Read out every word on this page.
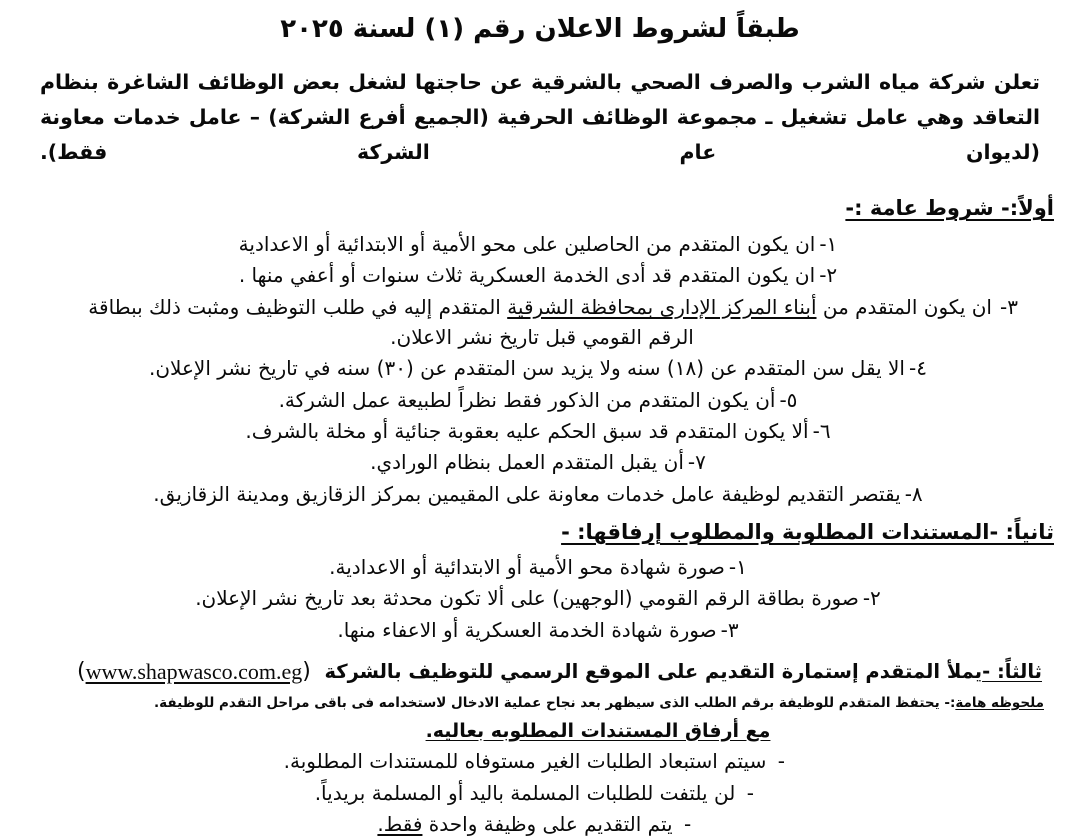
طبقاً لشروط الاعلان رقم (١) لسنة ٢٠٢٥

تعلن شركة مياه الشرب والصرف الصحي بالشرقية عن حاجتها لشغل بعض الوظائف الشاغرة بنظام التعاقد وهي عامل تشغيل ـ مجموعة الوظائف الحرفية (الجميع أفرع الشركة) – عامل خدمات معاونة (لديوان عام الشركة فقط).

أولاً:- شروط عامة :-
١-ان يكون المتقدم من الحاصلين على محو الأمية أو الابتدائية أو الاعدادية
٢-ان يكون المتقدم قد أدى الخدمة العسكرية ثلاث سنوات أو أعفي منها .
٣-ان يكون المتقدم من أبناء المركز الإدارى بمحافظة الشرقية المتقدم إليه في طلب التوظيف ومثبت ذلك ببطاقة
الرقم القومي قبل تاريخ نشر الاعلان.
٤-الا يقل سن المتقدم عن (١٨) سنه ولا يزيد سن المتقدم عن (٣٠) سنه في تاريخ نشر الإعلان.
٥-أن يكون المتقدم من الذكور فقط نظراً لطبيعة عمل الشركة.
٦-ألا يكون المتقدم قد سبق الحكم عليه بعقوبة جنائية أو مخلة بالشرف.
٧-أن يقبل المتقدم العمل بنظام الورادي.
٨-يقتصر التقديم لوظيفة عامل خدمات معاونة على المقيمين بمركز الزقازيق ومدينة الزقازيق.
ثانياً: -المستندات المطلوبة والمطلوب إرفاقها: -
١-صورة شهادة محو الأمية أو الابتدائية أو الاعدادية.
٢-صورة بطاقة الرقم القومي (الوجهين) على ألا تكون محدثة بعد تاريخ نشر الإعلان.
٣-صورة شهادة الخدمة العسكرية أو الاعفاء منها.
ثالثاً: -يملأ المتقدم إستمارة التقديم على الموقع الرسمي للتوظيف بالشركة  (www.shapwasco.com.eg)
ملحوظه هامة:- يحتفظ المتقدم للوظيفة برقم الطلب الذى سيظهر بعد نجاح عملية الادخال لاستخدامه فى باقى مراحل التقدم للوظيفة.
مع أرفاق المستندات المطلوبه بعاليه.
-سيتم استبعاد الطلبات الغير مستوفاه للمستندات المطلوبة.
-لن يلتفت للطلبات المسلمة باليد أو المسلمة بريدياً.
-يتم التقديم على وظيفة واحدة فقط.
